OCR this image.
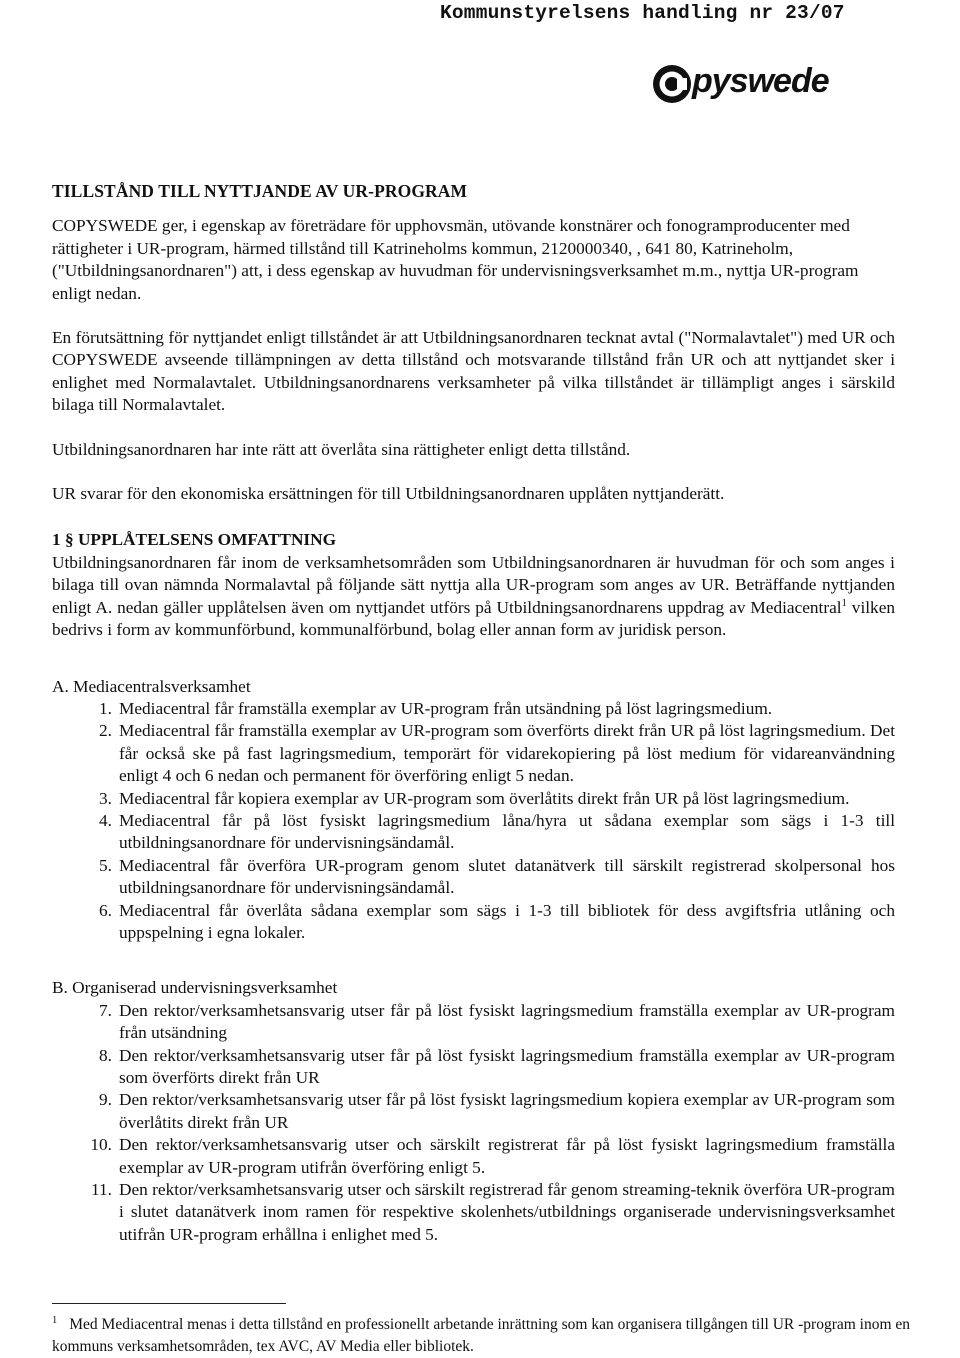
Kommunstyrelsens handling nr 23/07
pyswede
TILLSTÅND TILL NYTTJANDE AV UR-PROGRAM

COPYSWEDE ger, i egenskap av företrädare för upphovsmän, utövande konstnärer och fonogramproducenter med rättigheter i UR-program, härmed tillstånd till Katrineholms kommun, 2120000340, , 641 80, Katrineholm, ("Utbildningsanordnaren") att, i dess egenskap av huvudman för undervisningsverksamhet m.m., nyttja UR-program enligt nedan.

En förutsättning för nyttjandet enligt tillståndet är att Utbildningsanordnaren tecknat avtal ("Normalavtalet") med UR och COPYSWEDE avseende tillämpningen av detta tillstånd och motsvarande tillstånd från UR och att nyttjandet sker i enlighet med Normalavtalet. Utbildningsanordnarens verksamheter på vilka tillståndet är tillämpligt anges i särskild bilaga till Normalavtalet.

Utbildningsanordnaren har inte rätt att överlåta sina rättigheter enligt detta tillstånd.

UR svarar för den ekonomiska ersättningen för till Utbildningsanordnaren upplåten nyttjanderätt.

1 § UPPLÅTELSENS OMFATTNING

Utbildningsanordnaren får inom de verksamhetsområden som Utbildningsanordnaren är huvudman för och som anges i bilaga till ovan nämnda Normalavtal på följande sätt nyttja alla UR-program som anges av UR. Beträffande nyttjanden enligt A. nedan gäller upplåtelsen även om nyttjandet utförs på Utbildningsanordnarens uppdrag av Mediacentral$^1$ vilken bedrivs i form av kommunförbund, kommunalförbund, bolag eller annan form av juridisk person.

A. Mediacentralsverksamhet
1. Mediacentral får framställa exemplar av UR-program från utsändning på löst lagringsmedium.
2. Mediacentral får framställa exemplar av UR-program som överförts direkt från UR på löst lagringsmedium. Det får också ske på fast lagringsmedium, temporärt för vidarekopiering på löst medium för vidareanvändning enligt 4 och 6 nedan och permanent för överföring enligt 5 nedan.
3. Mediacentral får kopiera exemplar av UR-program som överlåtits direkt från UR på löst lagringsmedium.
4. Mediacentral får på löst fysiskt lagringsmedium låna/hyra ut sådana exemplar som sägs i 1-3 till utbildningsanordnare för undervisningsändamål.
5. Mediacentral får överföra UR-program genom slutet datanätverk till särskilt registrerad skolpersonal hos utbildningsanordnare för undervisningsändamål.
6. Mediacentral får överlåta sådana exemplar som sägs i 1-3 till bibliotek för dess avgiftsfria utlåning och uppspelning i egna lokaler.
B. Organiserad undervisningsverksamhet
7. Den rektor/verksamhetsansvarig utser får på löst fysiskt lagringsmedium framställa exemplar av UR-program från utsändning
8. Den rektor/verksamhetsansvarig utser får på löst fysiskt lagringsmedium framställa exemplar av UR-program som överförts direkt från UR
9. Den rektor/verksamhetsansvarig utser får på löst fysiskt lagringsmedium kopiera exemplar av UR-program som överlåtits direkt från UR
10. Den rektor/verksamhetsansvarig utser och särskilt registrerat får på löst fysiskt lagringsmedium framställa exemplar av UR-program utifrån överföring enligt 5.
11. Den rektor/verksamhetsansvarig utser och särskilt registrerad får genom streaming-teknik överföra UR-program i slutet datanätverk inom ramen för respektive skolenhets/utbildnings organiserade undervisningsverksamhet utifrån UR-program erhållna i enlighet med 5.
$^1$ Med Mediacentral menas i detta tillstånd en professionellt arbetande inrättning som kan organisera tillgången till UR -program inom en kommuns verksamhetsområden, tex AVC, AV Media eller bibliotek.
